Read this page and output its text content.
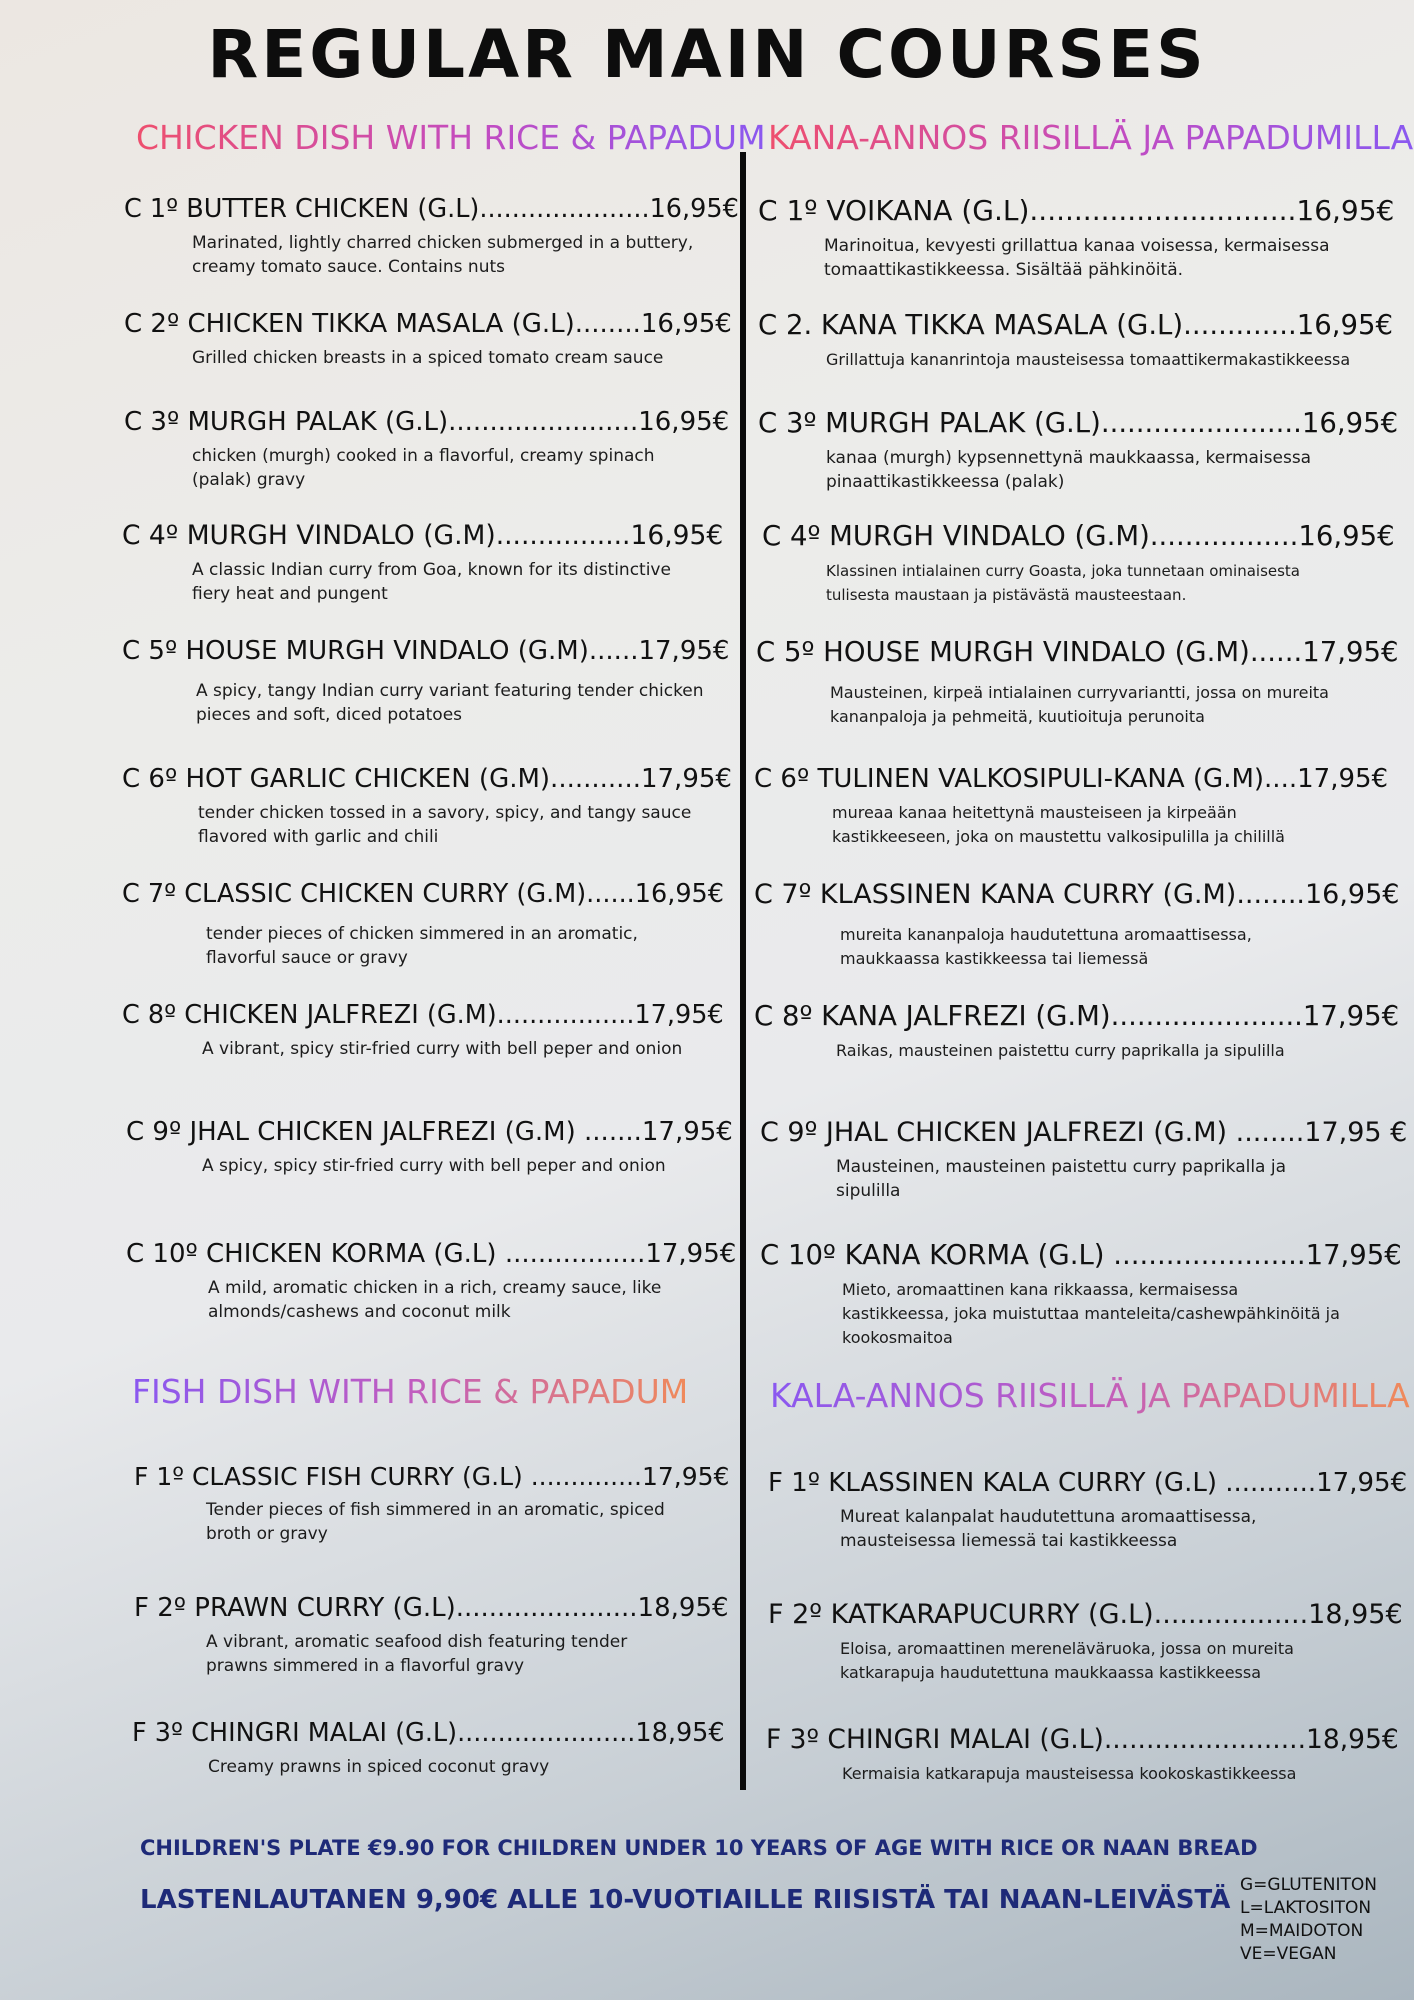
REGULAR MAIN COURSES
CHICKEN DISH WITH RICE & PAPADUM KANA-ANNOS RIISILLÄ JA PAPADUMILLA
C 1º BUTTER CHICKEN (G.L).....................16,95€
Marinated, lightly charred chicken submerged in a buttery, creamy tomato sauce. Contains nuts
C 2º CHICKEN TIKKA MASALA (G.L)........16,95€
Grilled chicken breasts in a spiced tomato cream sauce
C 3º MURGH PALAK (G.L).......................16,95€
chicken (murgh) cooked in a flavorful, creamy spinach (palak) gravy
C 4º MURGH VINDALO (G.M)................16,95€
A classic Indian curry from Goa, known for its distinctive fiery heat and pungent
C 5º HOUSE MURGH VINDALO (G.M)......17,95€
A spicy, tangy Indian curry variant featuring tender chicken pieces and soft, diced potatoes
C 6º HOT GARLIC CHICKEN (G.M)...........17,95€
tender chicken tossed in a savory, spicy, and tangy sauce flavored with garlic and chili
C 7º CLASSIC CHICKEN CURRY (G.M)......16,95€
tender pieces of chicken simmered in an aromatic, flavorful sauce or gravy
C 8º CHICKEN JALFREZI (G.M).................17,95€
A vibrant, spicy stir-fried curry with bell peper and onion
C 9º JHAL CHICKEN JALFREZI (G.M) .......17,95€
A spicy, spicy stir-fried curry with bell peper and onion
C 10º CHICKEN KORMA (G.L) .................17,95€
A mild, aromatic chicken in a rich, creamy sauce, like almonds/cashews and coconut milk
C 1º VOIKANA (G.L)..............................16,95€
Marinoitua, kevyesti grillattua kanaa voisessa, kermaisessa tomaattikastikkeessa. Sisältää pähkinöitä.
C 2. KANA TIKKA MASALA (G.L).............16,95€
Grillattuja kananrintoja mausteisessa tomaattikermakastikkeessa
C 3º MURGH PALAK (G.L).......................16,95€
kanaa (murgh) kypsennettynä maukkaassa, kermaisessa pinaattikastikkeessa (palak)
C 4º MURGH VINDALO (G.M).................16,95€
Klassinen intialainen curry Goasta, joka tunnetaan ominaisesta tulisesta maustaan ja pistävästä mausteestaan.
C 5º HOUSE MURGH VINDALO (G.M)......17,95€
Mausteinen, kirpeä intialainen curryvariantti, jossa on mureita kananpaloja ja pehmeitä, kuutioituja perunoita
C 6º TULINEN VALKOSIPULI-KANA (G.M)....17,95€
mureaa kanaa heitettynä mausteiseen ja kirpeään kastikkeeseen, joka on maustettu valkosipulilla ja chilillä
C 7º KLASSINEN KANA CURRY (G.M)........16,95€
mureita kananpaloja haudutettuna aromaattisessa, maukkaassa kastikkeessa tai liemessä
C 8º KANA JALFREZI (G.M)......................17,95€
Raikas, mausteinen paistettu curry paprikalla ja sipulilla
C 9º JHAL CHICKEN JALFREZI (G.M) ........17,95 €
Mausteinen, mausteinen paistettu curry paprikalla ja sipulilla
C 10º KANA KORMA (G.L) ......................17,95€
Mieto, aromaattinen kana rikkaassa, kermaisessa kastikkeessa, joka muistuttaa manteleita/cashewpähkinöitä ja kookosmaitoa
FISH DISH WITH RICE & PAPADUM KALA-ANNOS RIISILLÄ JA PAPADUMILLA
F 1º CLASSIC FISH CURRY (G.L) ..............17,95€
Tender pieces of fish simmered in an aromatic, spiced broth or gravy
F 2º PRAWN CURRY (G.L)......................18,95€
A vibrant, aromatic seafood dish featuring tender prawns simmered in a flavorful gravy
F 3º CHINGRI MALAI (G.L)......................18,95€
Creamy prawns in spiced coconut gravy
F 1º KLASSINEN KALA CURRY (G.L) ...........17,95€
Mureat kalanpalat haudutettuna aromaattisessa, mausteisessa liemessä tai kastikkeessa
F 2º KATKARAPUCURRY (G.L)..................18,95€
Eloisa, aromaattinen mereneläväruoka, jossa on mureita katkarapuja haudutettuna maukkaassa kastikkeessa
F 3º CHINGRI MALAI (G.L)........................18,95€
Kermaisia katkarapuja mausteisessa kookoskastikkeessa

CHILDREN'S PLATE €9.90 FOR CHILDREN UNDER 10 YEARS OF AGE WITH RICE OR NAAN BREAD

LASTENLAUTANEN 9,90€ ALLE 10-VUOTIAILLE RIISISTÄ TAI NAAN-LEIVÄSTÄ G=GLUTENITON
L=LAKTOSITON
M=MAIDOTON
VE=VEGAN
